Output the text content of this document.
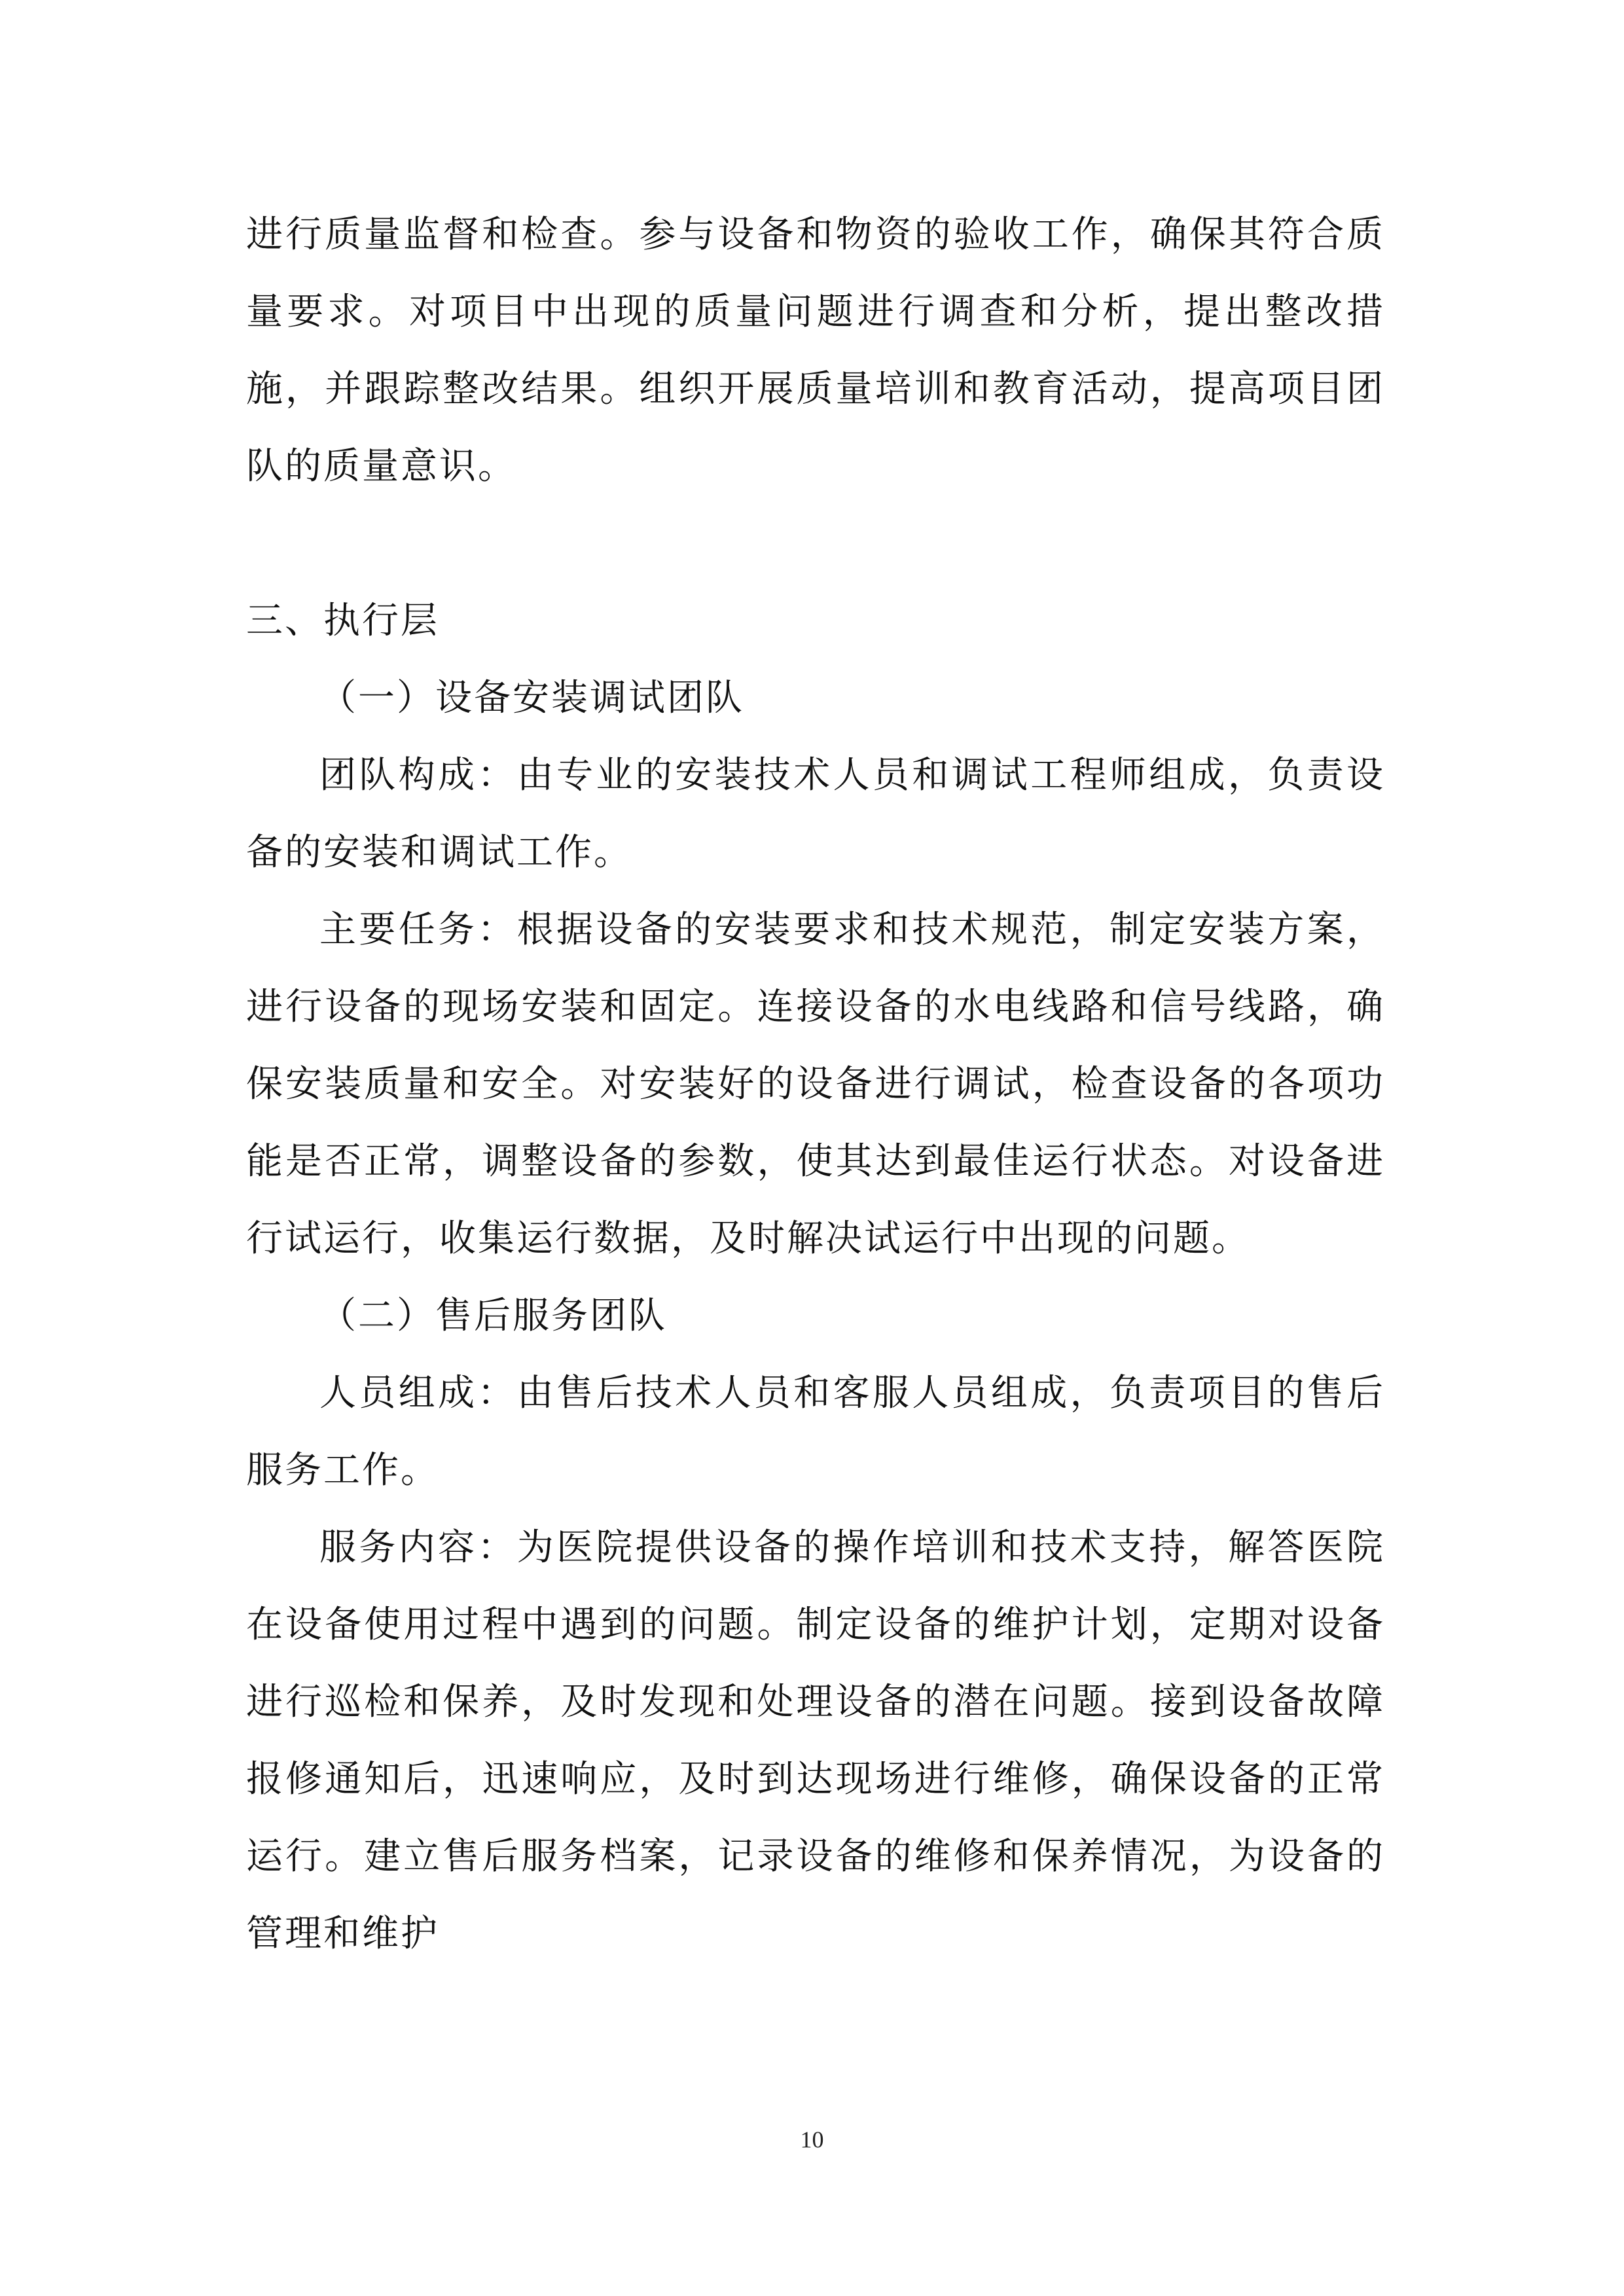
进行质量监督和检查。参与设备和物资的验收工作，确保其符合质量要求。对项目中出现的质量问题进行调查和分析，提出整改措施，并跟踪整改结果。组织开展质量培训和教育活动，提高项目团队的质量意识。

三、执行层

（一）设备安装调试团队

团队构成：由专业的安装技术人员和调试工程师组成，负责设备的安装和调试工作。

主要任务：根据设备的安装要求和技术规范，制定安装方案，进行设备的现场安装和固定。连接设备的水电线路和信号线路，确保安装质量和安全。对安装好的设备进行调试，检查设备的各项功能是否正常，调整设备的参数，使其达到最佳运行状态。对设备进行试运行，收集运行数据，及时解决试运行中出现的问题。

（二）售后服务团队

人员组成：由售后技术人员和客服人员组成，负责项目的售后服务工作。

服务内容：为医院提供设备的操作培训和技术支持，解答医院在设备使用过程中遇到的问题。制定设备的维护计划，定期对设备进行巡检和保养，及时发现和处理设备的潜在问题。接到设备故障报修通知后，迅速响应，及时到达现场进行维修，确保设备的正常运行。建立售后服务档案，记录设备的维修和保养情况，为设备的管理和维护

10
